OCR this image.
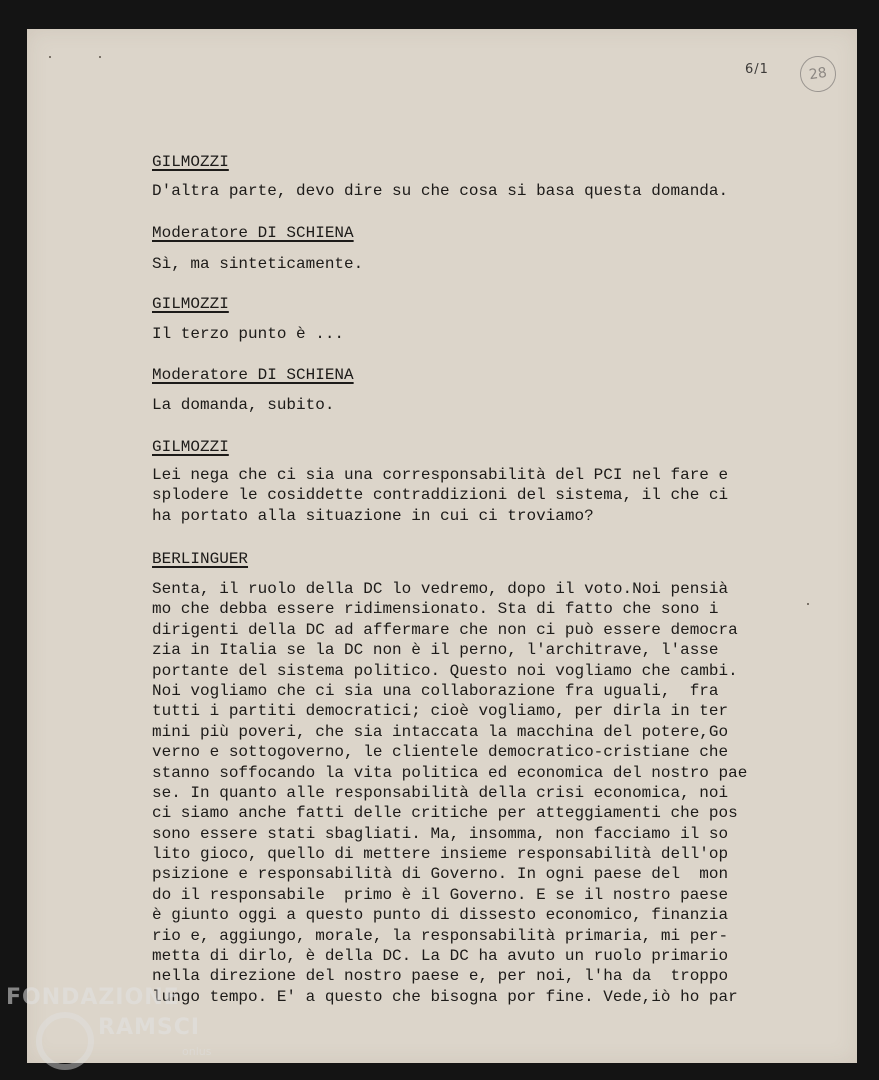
6/1	28

GILMOZZI

D'altra parte, devo dire su che cosa si basa questa domanda.

Moderatore DI SCHIENA

Sì, ma sinteticamente.

GILMOZZI

Il terzo punto è ...

Moderatore DI SCHIENA

La domanda, subito.

GILMOZZI

Lei nega che ci sia una corresponsabilità del PCI nel fare e
splodere le cosiddette contraddizioni del sistema, il che ci
ha portato alla situazione in cui ci troviamo?

BERLINGUER

Senta, il ruolo della DC lo vedremo, dopo il voto.Noi pensià
mo che debba essere ridimensionato. Sta di fatto che sono i
dirigenti della DC ad affermare che non ci può essere democra
zia in Italia se la DC non è il perno, l'architrave, l'asse
portante del sistema politico. Questo noi vogliamo che cambi.
Noi vogliamo che ci sia una collaborazione fra uguali,  fra
tutti i partiti democratici; cioè vogliamo, per dirla in ter
mini più poveri, che sia intaccata la macchina del potere,Go
verno e sottogoverno, le clientele democratico-cristiane che
stanno soffocando la vita politica ed economica del nostro pae
se. In quanto alle responsabilità della crisi economica, noi
ci siamo anche fatti delle critiche per atteggiamenti che pos
sono essere stati sbagliati. Ma, insomma, non facciamo il so
lito gioco, quello di mettere insieme responsabilità dell'op
psizione e responsabilità di Governo. In ogni paese del  mon
do il responsabile  primo è il Governo. E se il nostro paese
è giunto oggi a questo punto di dissesto economico, finanzia
rio e, aggiungo, morale, la responsabilità primaria, mi per-
metta di dirlo, è della DC. La DC ha avuto un ruolo primario
nella direzione del nostro paese e, per noi, l'ha da  troppo
lungo tempo. E' a questo che bisogna por fine. Vede,iò ho par
FONDAZIONE
RAMSCI
onlus
